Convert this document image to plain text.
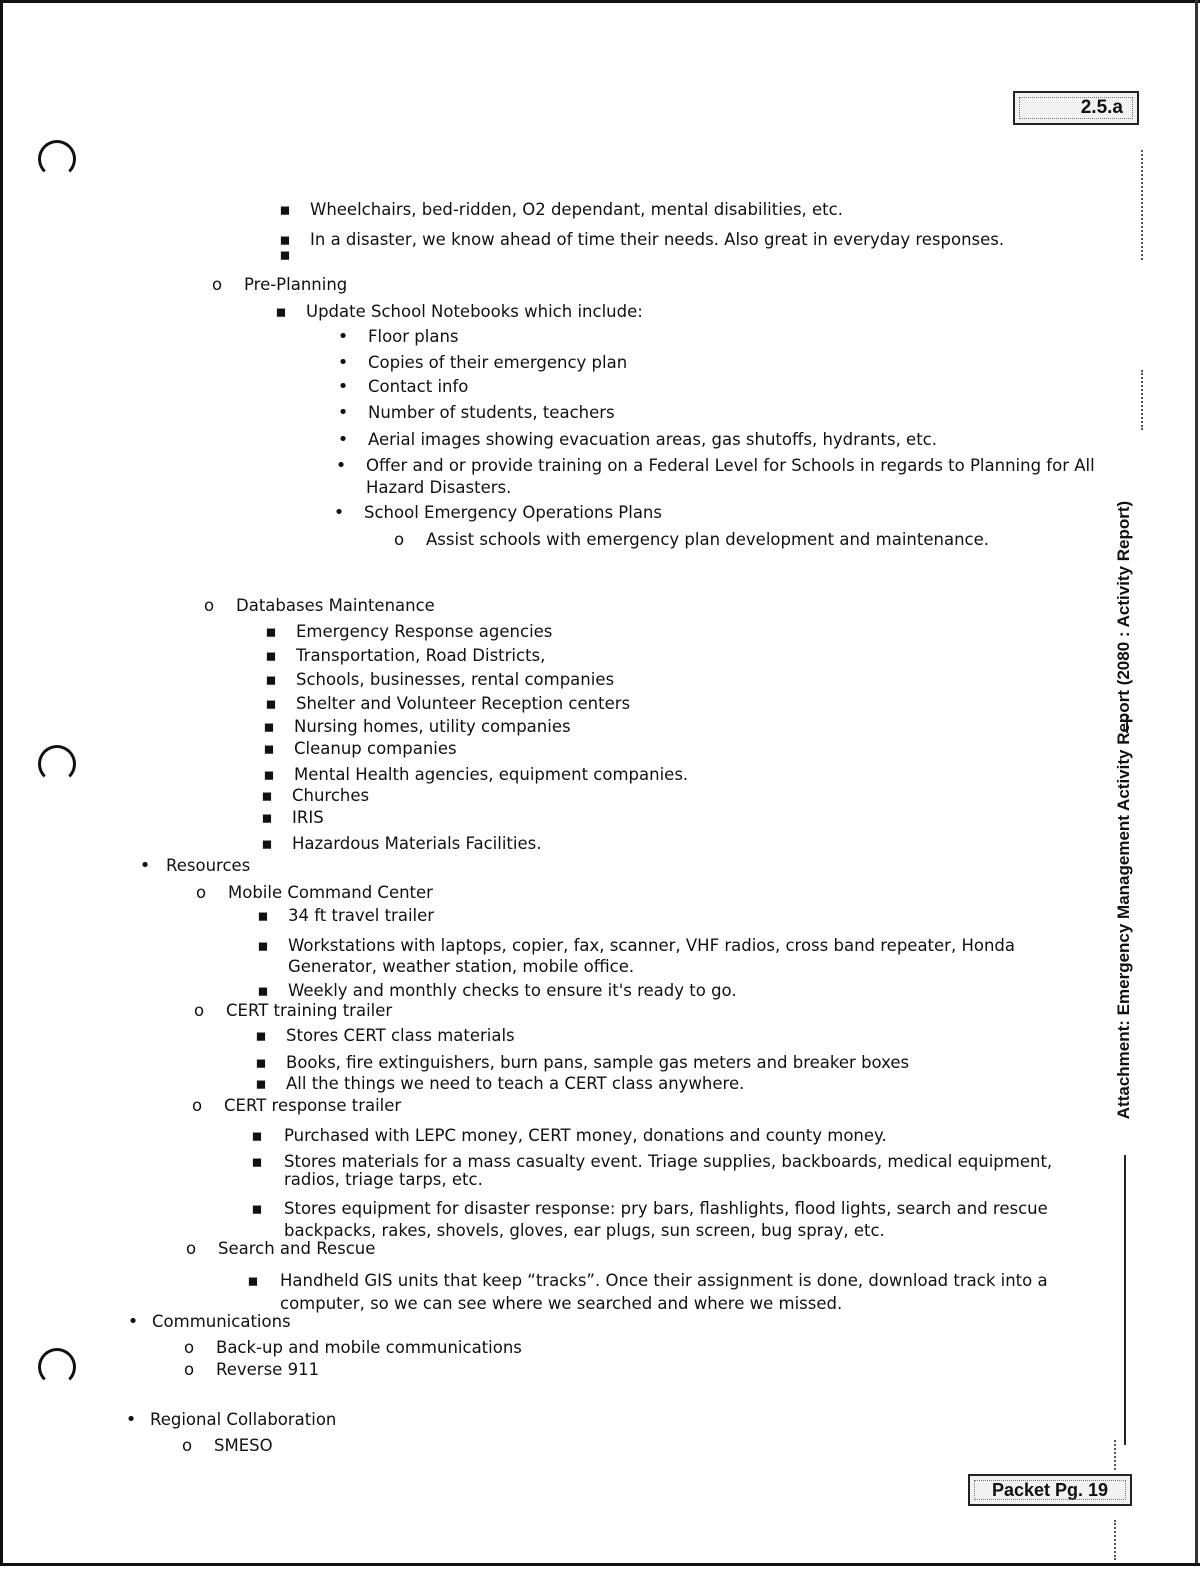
2.5.a
Packet Pg. 19
Attachment: Emergency Management Activity Report (2080 : Activity Report)
▪
Wheelchairs, bed-ridden, O2 dependant, mental disabilities, etc.
▪
In a disaster, we know ahead of time their needs. Also great in everyday responses.
▪
o
Pre-Planning
▪
Update School Notebooks which include:
•
Floor plans
•
Copies of their emergency plan
•
Contact info
•
Number of students, teachers
•
Aerial images showing evacuation areas, gas shutoffs, hydrants, etc.
•
Offer and or provide training on a Federal Level for Schools in regards to Planning for All
Hazard Disasters.
•
School Emergency Operations Plans
o
Assist schools with emergency plan development and maintenance.
o
Databases Maintenance
▪
Emergency Response agencies
▪
Transportation, Road Districts,
▪
Schools, businesses, rental companies
▪
Shelter and Volunteer Reception centers
▪
Nursing homes, utility companies
▪
Cleanup companies
▪
Mental Health agencies, equipment companies.
▪
Churches
▪
IRIS
▪
Hazardous Materials Facilities.
•
Resources
o
Mobile Command Center
▪
34 ft travel trailer
▪
Workstations with laptops, copier, fax, scanner, VHF radios, cross band repeater, Honda
Generator, weather station, mobile office.
▪
Weekly and monthly checks to ensure it's ready to go.
o
CERT training trailer
▪
Stores CERT class materials
▪
Books, fire extinguishers, burn pans, sample gas meters and breaker boxes
▪
All the things we need to teach a CERT class anywhere.
o
CERT response trailer
▪
Purchased with LEPC money, CERT money, donations and county money.
▪
Stores materials for a mass casualty event. Triage supplies, backboards, medical equipment,
radios, triage tarps, etc.
▪
Stores equipment for disaster response: pry bars, flashlights, flood lights, search and rescue
backpacks, rakes, shovels, gloves, ear plugs, sun screen, bug spray, etc.
o
Search and Rescue
▪
Handheld GIS units that keep “tracks”. Once their assignment is done, download track into a
computer, so we can see where we searched and where we missed.
•
Communications
o
Back-up and mobile communications
o
Reverse 911
•
Regional Collaboration
o
SMESO
